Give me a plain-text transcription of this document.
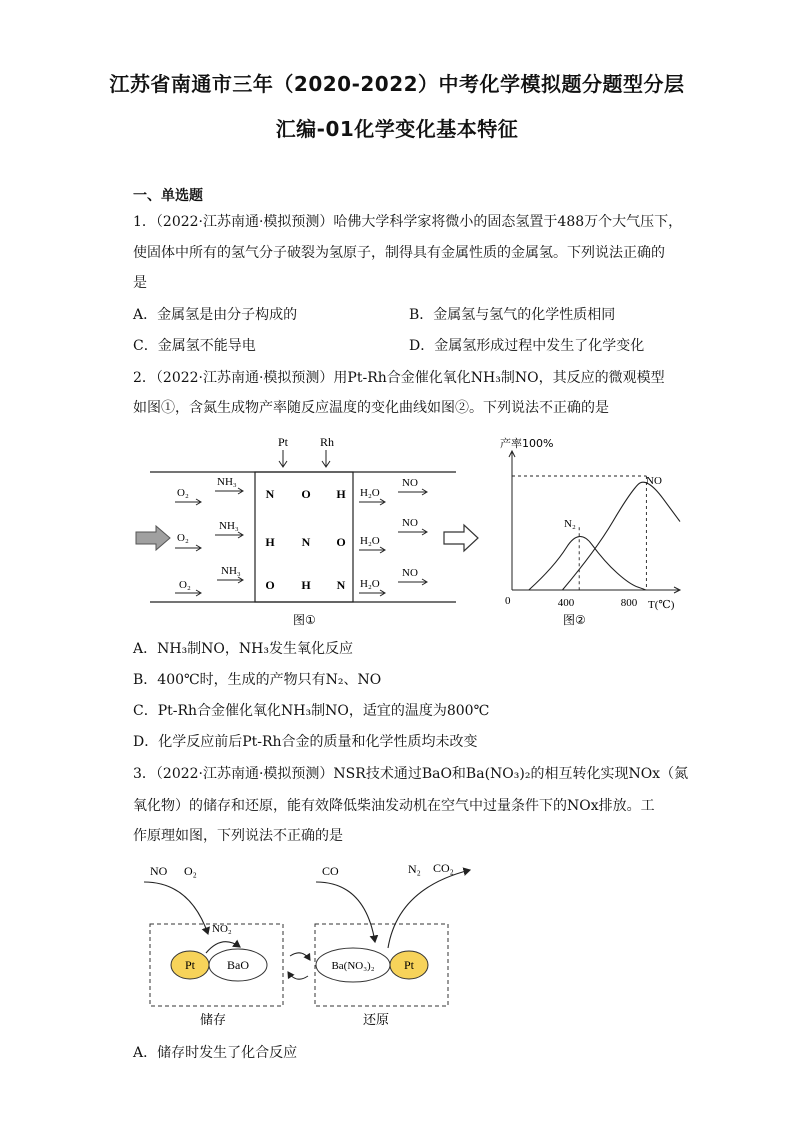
江苏省南通市三年（2020-2022）中考化学模拟题分题型分层
汇编-01化学变化基本特征
一、单选题
1．（2022·江苏南通·模拟预测）哈佛大学科学家将微小的固态氢置于488万个大气压下，
使固体中所有的氢气分子破裂为氢原子，制得具有金属性质的金属氢。下列说法正确的
是
A．金属氢是由分子构成的	B．金属氢与氢气的化学性质相同
C．金属氢不能导电	D．金属氢形成过程中发生了化学变化
2．（2022·江苏南通·模拟预测）用Pt-Rh合金催化氧化NH₃制NO，其反应的微观模型
如图①，含氮生成物产率随反应温度的变化曲线如图②。下列说法不正确的是
Pt	Rh
O₂
NH₃
O₂
NH₃
O₂
NH₃
N O H
H N O
O H N
H₂O
NO
H₂O
NO
H₂O
NO
图①
产率100%
0	400	800 T(℃)
N₂
NO
图②
A．NH₃制NO，NH₃发生氧化反应
B．400℃时，生成的产物只有N₂、NO
C．Pt-Rh合金催化氧化NH₃制NO，适宜的温度为800℃
D．化学反应前后Pt-Rh合金的质量和化学性质均未改变
3．（2022·江苏南通·模拟预测）NSR技术通过BaO和Ba(NO₃)₂的相互转化实现NOx（氮
氧化物）的储存和还原，能有效降低柴油发动机在空气中过量条件下的NOx排放。工
作原理如图，下列说法不正确的是
NO O₂
NO₂
Pt	BaO
储存
CO	N₂ CO₂
Ba(NO₃)₂ Pt
还原
A．储存时发生了化合反应
